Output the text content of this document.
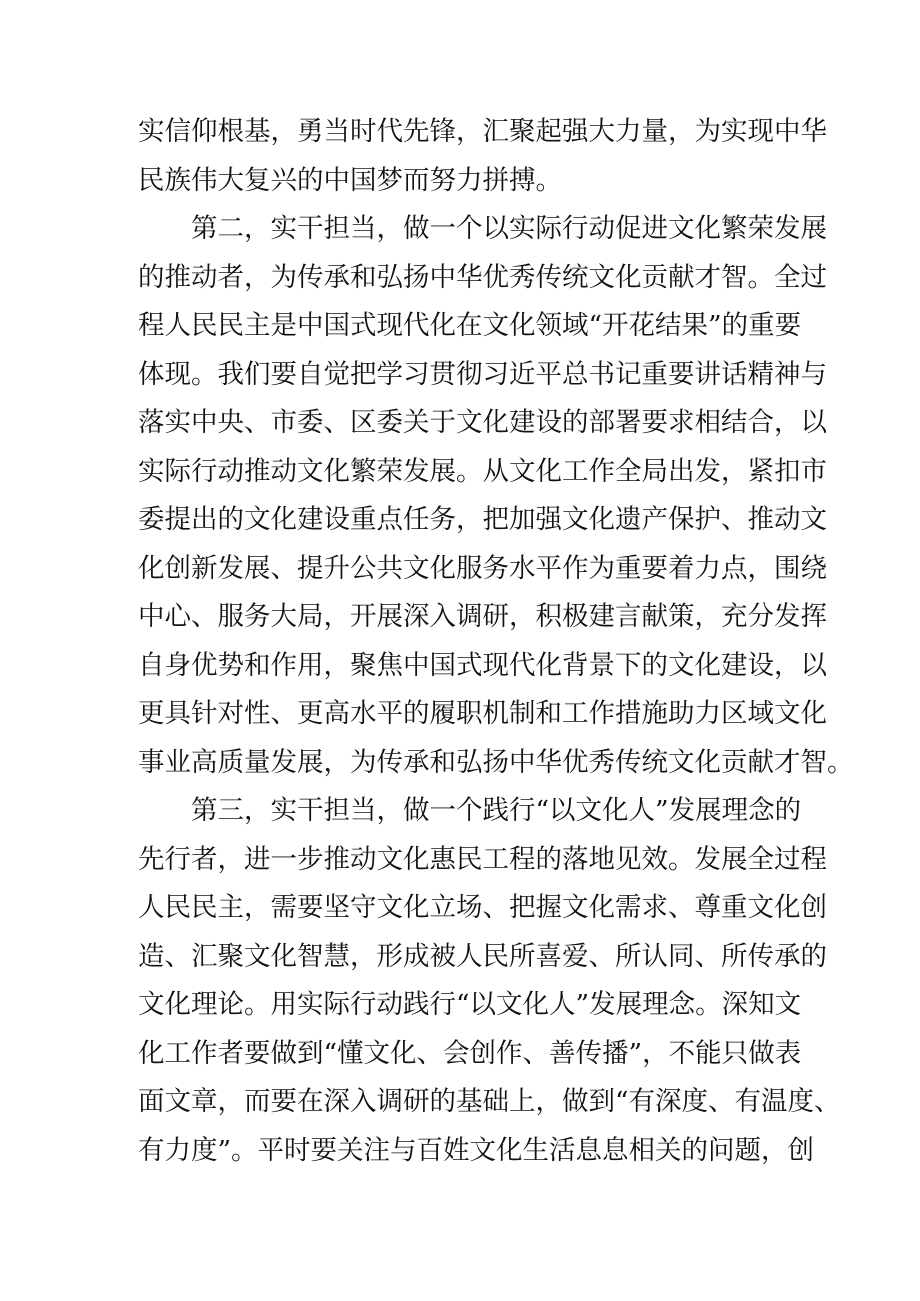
实信仰根基，勇当时代先锋，汇聚起强大力量，为实现中华
民族伟大复兴的中国梦而努力拼搏。
第二，实干担当，做一个以实际行动促进文化繁荣发展
的推动者，为传承和弘扬中华优秀传统文化贡献才智。全过
程人民民主是中国式现代化在文化领域“开花结果”的重要
体现。我们要自觉把学习贯彻习近平总书记重要讲话精神与
落实中央、市委、区委关于文化建设的部署要求相结合，以
实际行动推动文化繁荣发展。从文化工作全局出发，紧扣市
委提出的文化建设重点任务，把加强文化遗产保护、推动文
化创新发展、提升公共文化服务水平作为重要着力点，围绕
中心、服务大局，开展深入调研，积极建言献策，充分发挥
自身优势和作用，聚焦中国式现代化背景下的文化建设，以
更具针对性、更高水平的履职机制和工作措施助力区域文化
事业高质量发展，为传承和弘扬中华优秀传统文化贡献才智。
第三，实干担当，做一个践行“以文化人”发展理念的
先行者，进一步推动文化惠民工程的落地见效。发展全过程
人民民主，需要坚守文化立场、把握文化需求、尊重文化创
造、汇聚文化智慧，形成被人民所喜爱、所认同、所传承的
文化理论。用实际行动践行“以文化人”发展理念。深知文
化工作者要做到“懂文化、会创作、善传播”，不能只做表
面文章，而要在深入调研的基础上，做到“有深度、有温度、
有力度”。平时要关注与百姓文化生活息息相关的问题，创
